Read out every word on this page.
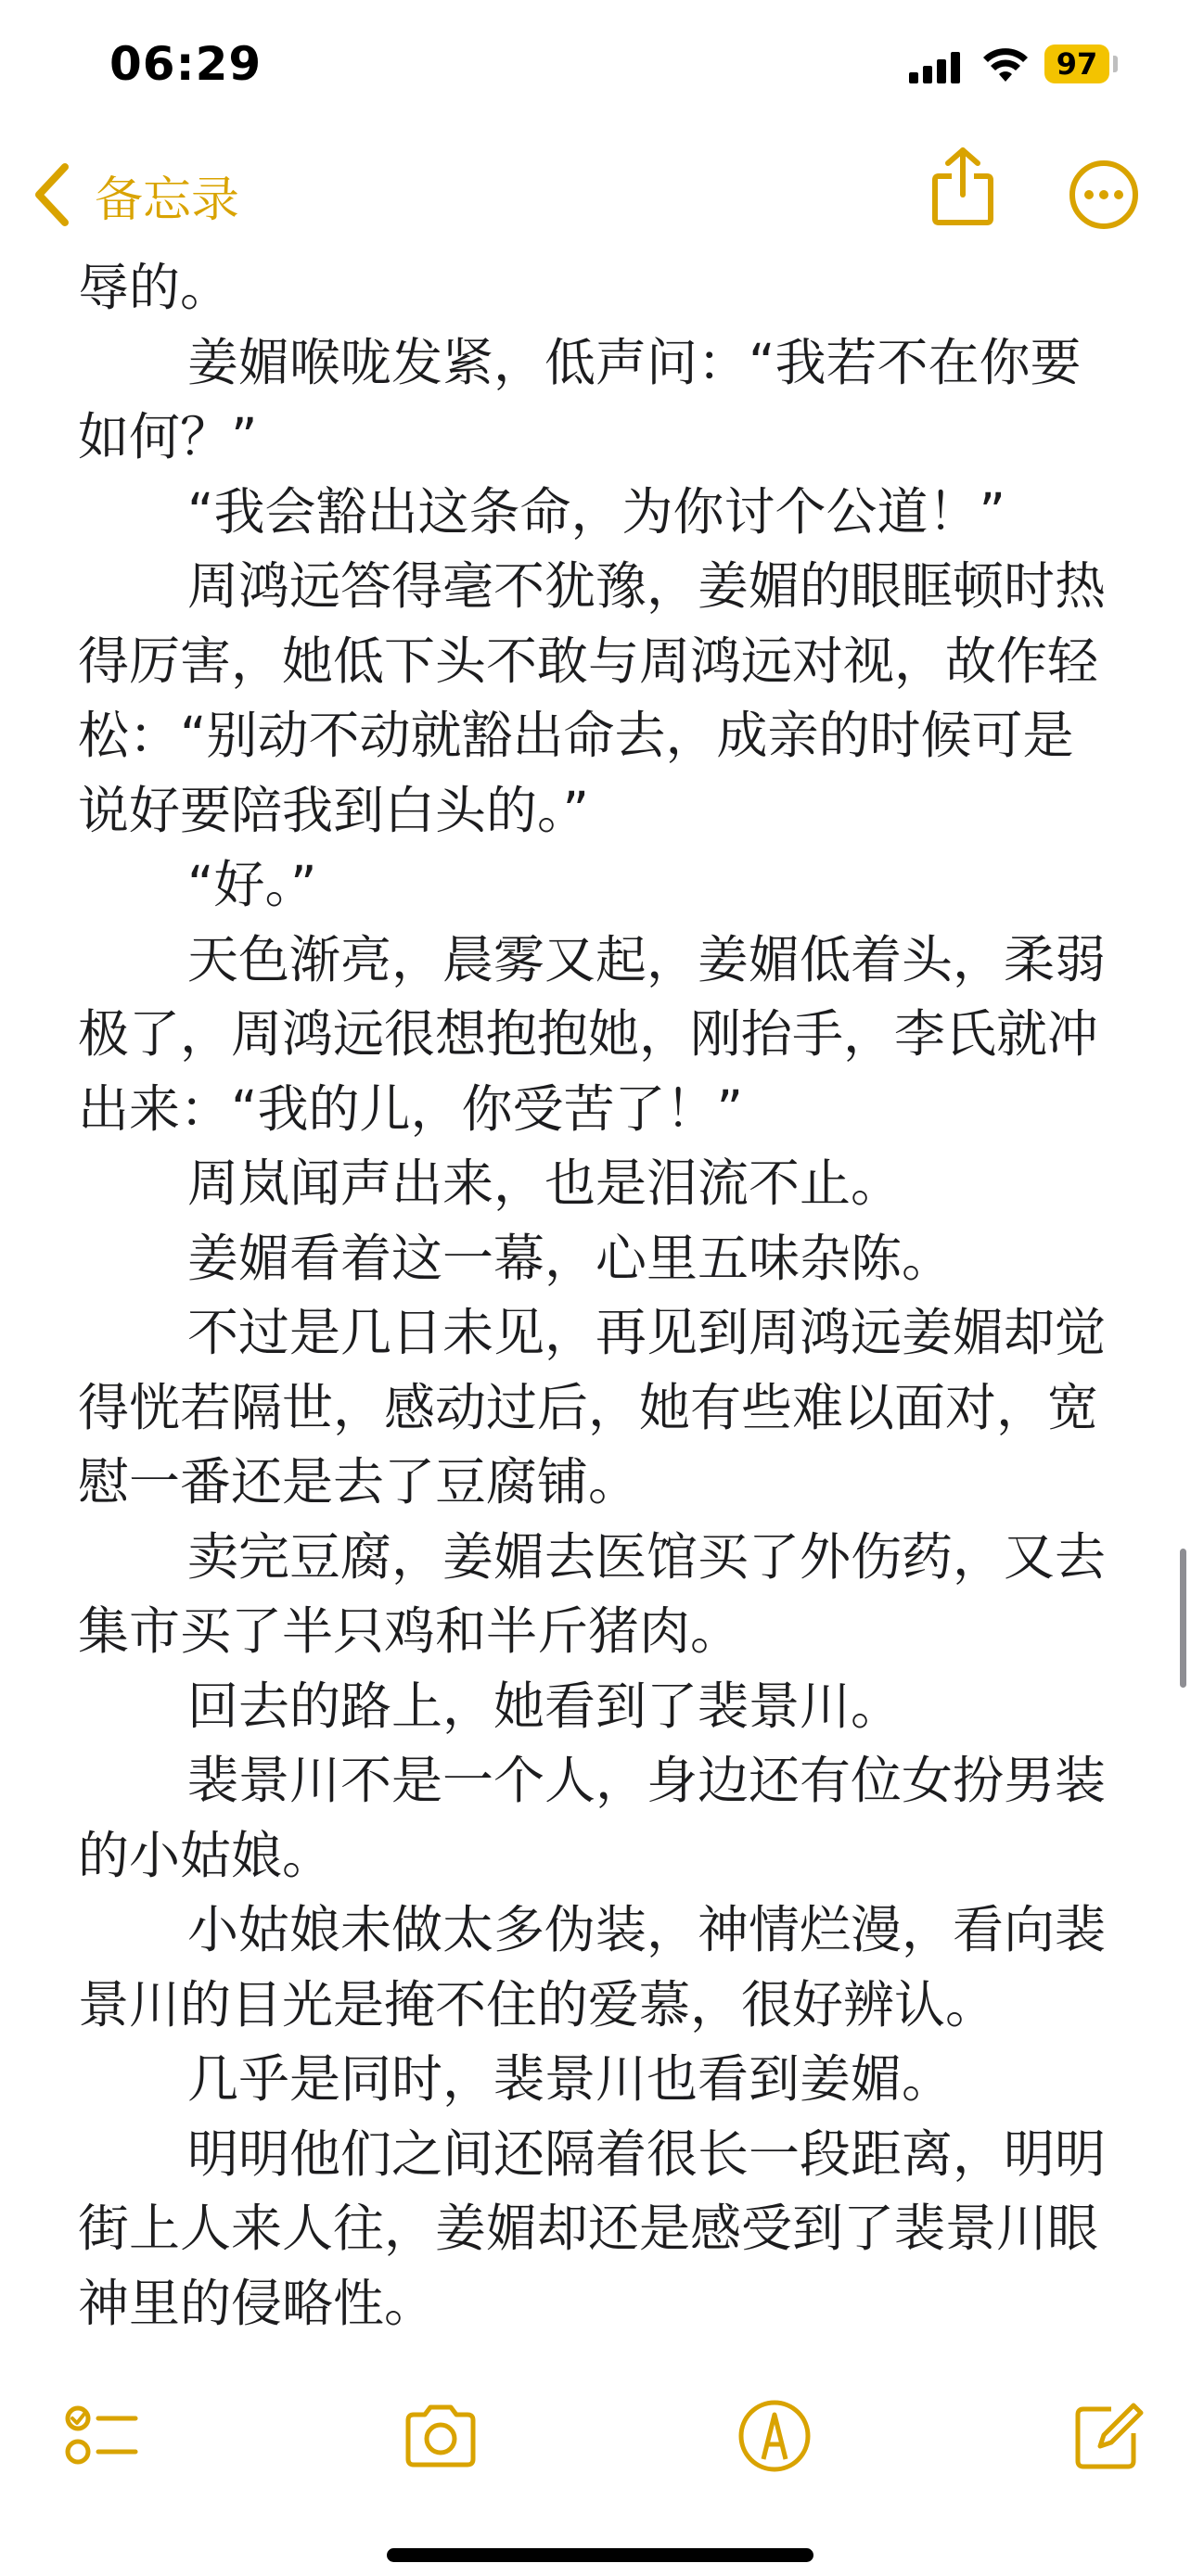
06:29	97
备忘录

辱的。

姜媚喉咙发紧，低声问：“我若不在你要如何？”

“我会豁出这条命，为你讨个公道！”

周鸿远答得毫不犹豫，姜媚的眼眶顿时热得厉害，她低下头不敢与周鸿远对视，故作轻松：“别动不动就豁出命去，成亲的时候可是说好要陪我到白头的。”

“好。”

天色渐亮，晨雾又起，姜媚低着头，柔弱极了，周鸿远很想抱抱她，刚抬手，李氏就冲出来：“我的儿，你受苦了！”

周岚闻声出来，也是泪流不止。

姜媚看着这一幕，心里五味杂陈。

不过是几日未见，再见到周鸿远姜媚却觉得恍若隔世，感动过后，她有些难以面对，宽慰一番还是去了豆腐铺。

卖完豆腐，姜媚去医馆买了外伤药，又去集市买了半只鸡和半斤猪肉。

回去的路上，她看到了裴景川。

裴景川不是一个人，身边还有位女扮男装的小姑娘。

小姑娘未做太多伪装，神情烂漫，看向裴景川的目光是掩不住的爱慕，很好辨认。

几乎是同时，裴景川也看到姜媚。

明明他们之间还隔着很长一段距离，明明街上人来人往，姜媚却还是感受到了裴景川眼神里的侵略性。
